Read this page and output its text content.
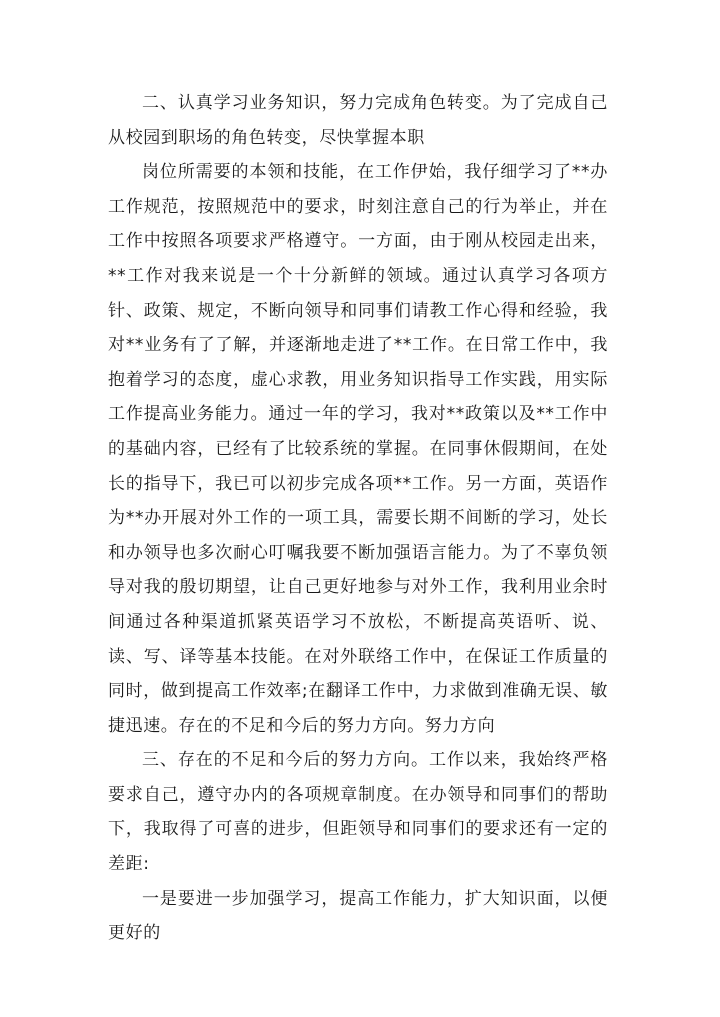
二、认真学习业务知识，努力完成角色转变。为了完成自己从校园到职场的角色转变，尽快掌握本职

岗位所需要的本领和技能，在工作伊始，我仔细学习了**办工作规范，按照规范中的要求，时刻注意自己的行为举止，并在工作中按照各项要求严格遵守。一方面，由于刚从校园走出来，**工作对我来说是一个十分新鲜的领域。通过认真学习各项方针、政策、规定，不断向领导和同事们请教工作心得和经验，我对**业务有了了解，并逐渐地走进了**工作。在日常工作中，我抱着学习的态度，虚心求教，用业务知识指导工作实践，用实际工作提高业务能力。通过一年的学习，我对**政策以及**工作中的基础内容，已经有了比较系统的掌握。在同事休假期间，在处长的指导下，我已可以初步完成各项**工作。另一方面，英语作为**办开展对外工作的一项工具，需要长期不间断的学习，处长和办领导也多次耐心叮嘱我要不断加强语言能力。为了不辜负领导对我的殷切期望，让自己更好地参与对外工作，我利用业余时间通过各种渠道抓紧英语学习不放松，不断提高英语听、说、读、写、译等基本技能。在对外联络工作中，在保证工作质量的同时，做到提高工作效率;在翻译工作中，力求做到准确无误、敏捷迅速。存在的不足和今后的努力方向。努力方向

三、存在的不足和今后的努力方向。工作以来，我始终严格要求自己，遵守办内的各项规章制度。在办领导和同事们的帮助下，我取得了可喜的进步，但距领导和同事们的要求还有一定的差距:

一是要进一步加强学习，提高工作能力，扩大知识面，以便更好的
